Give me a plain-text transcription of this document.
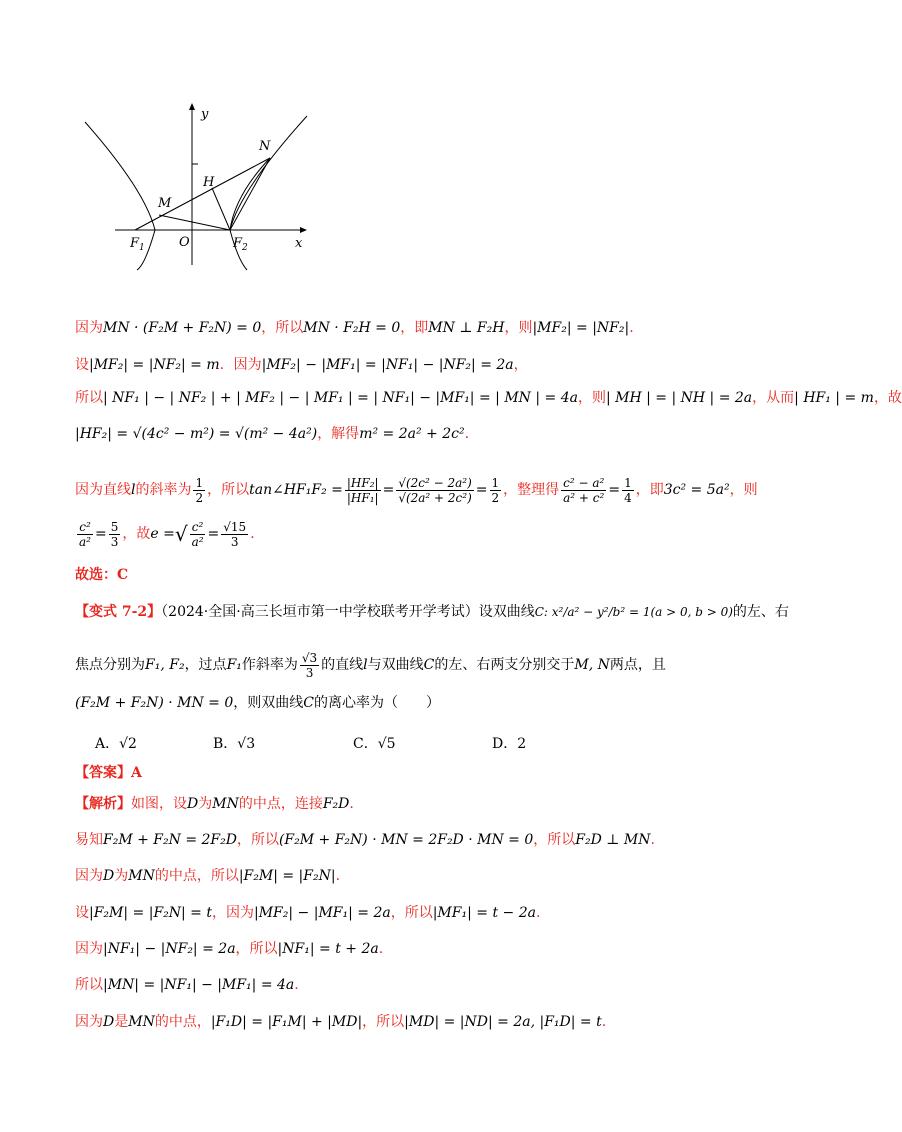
y
x
N
H
M
$F_1$	O	$F_2$
因为MN · (F₂M + F₂N) = 0，所以MN · F₂H = 0，即MN ⊥ F₂H，则|MF₂| = |NF₂|.
设|MF₂| = |NF₂| = m．因为|MF₂| − |MF₁| = |NF₁| − |NF₂| = 2a，
所以| NF₁ | − | NF₂ | + | MF₂ | − | MF₁ | = | NF₁| − |MF₁| = | MN | = 4a，则| MH | = | NH | = 2a，从而| HF₁ | = m，故
|HF₂| = √(4c² − m²) = √(m² − 4a²)，解得m² = 2a² + 2c².
因为直线 l 的斜率为 $\frac{1}{2}$ ，所以 tan∠HF₁F₂ = $\frac{\text{|HF₂|}}{\text{|HF₁|}} = \frac{\text{√(2c² − 2a²)}}{\text{√(2a² + 2c²)}} = \frac{1}{2}$ ，整理得 $\frac{\text{c² − a²}}{\text{a² + c²}} = \frac{1}{4}$ ，即 3c² = 5a² ，则
$\frac{\text{c²}}{\text{a²}} = \frac{5}{3}$ ，故 e = √ $\frac{\text{c²}}{\text{a²}} = \frac{√15}{3}$ .
故选：C
【变式 7-2】（2024·全国·高三长垣市第一中学校联考开学考试）设双曲线C: x²/a² − y²/b² = 1(a > 0, b > 0)的左、右
焦点分别为 F₁, F₂ ，过点 F₁ 作斜率为 $\frac{√3}{3}$ 的直线 l 与双曲线 C 的左、右两支分别交于 M, N 两点，且
(F₂M + F₂N) · MN = 0，则双曲线C的离心率为（　　）
A．√2	B．√3	C．√5	D．2
【答案】A
【解析】如图，设D为MN的中点，连接F₂D.
易知F₂M + F₂N = 2F₂D，所以(F₂M + F₂N) · MN = 2F₂D · MN = 0，所以F₂D ⊥ MN.
因为D为MN的中点，所以|F₂M| = |F₂N|.
设|F₂M| = |F₂N| = t，因为|MF₂| − |MF₁| = 2a，所以|MF₁| = t − 2a.
因为|NF₁| − |NF₂| = 2a，所以|NF₁| = t + 2a.
所以|MN| = |NF₁| − |MF₁| = 4a.
因为D是MN的中点，|F₁D| = |F₁M| + |MD|，所以|MD| = |ND| = 2a, |F₁D| = t.
